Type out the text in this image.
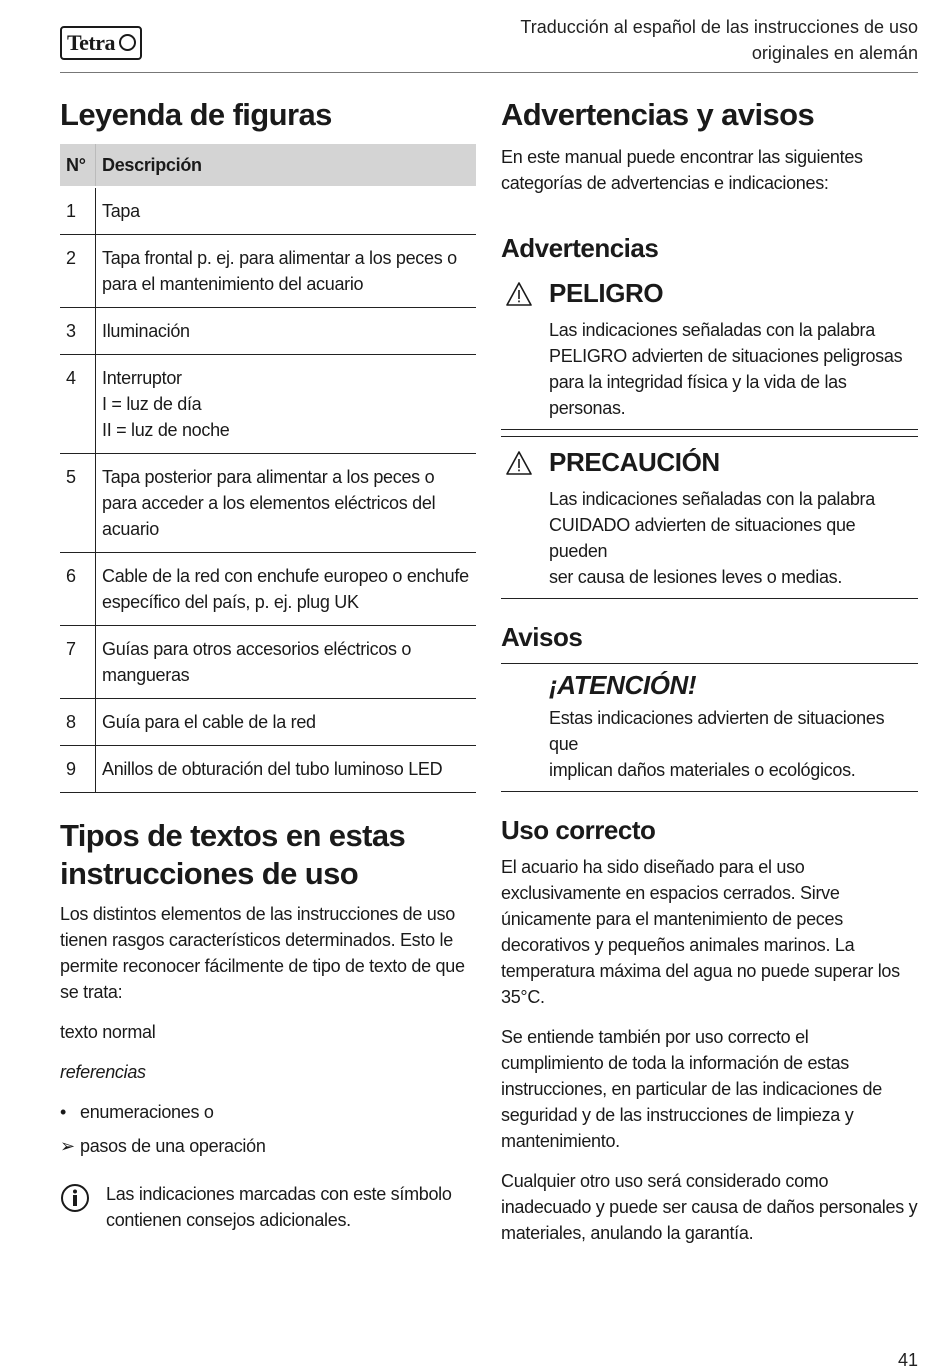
Tetra
Traducción al español de las instrucciones de uso
originales en alemán
Leyenda de figuras
N°	Descripción
1	Tapa

2	Tapa frontal p. ej. para alimentar a los peces o
para el mantenimiento del acuario

3	Iluminación

4	Interruptor
I = luz de día
II = luz de noche

5	Tapa posterior para alimentar a los peces o
para acceder a los elementos eléctricos del
acuario

6	Cable de la red con enchufe europeo o enchufe
específico del país, p. ej. plug UK

7	Guías para otros accesorios eléctricos o
mangueras

8	Guía para el cable de la red

9	Anillos de obturación del tubo luminoso LED
Tipos de textos en estas
instrucciones de uso
Los distintos elementos de las instrucciones de uso
tienen rasgos característicos determinados. Esto le
permite reconocer fácilmente de tipo de texto de que
se trata:
texto normal
referencias
• enumeraciones o
➢ pasos de una operación
Las indicaciones marcadas con este símbolo
contienen consejos adicionales.
Advertencias y avisos
En este manual puede encontrar las siguientes
categorías de advertencias e indicaciones:
Advertencias
PELIGRO
Las indicaciones señaladas con la palabra
PELIGRO advierten de situaciones peligrosas
para la integridad física y la vida de las
personas.
PRECAUCIÓN
Las indicaciones señaladas con la palabra
CUIDADO advierten de situaciones que pueden
ser causa de lesiones leves o medias.
Avisos
¡ATENCIÓN!
Estas indicaciones advierten de situaciones que
implican daños materiales o ecológicos.
Uso correcto
El acuario ha sido diseñado para el uso
exclusivamente en espacios cerrados. Sirve
únicamente para el mantenimiento de peces
decorativos y pequeños animales marinos. La
temperatura máxima del agua no puede superar los
35°C.
Se entiende también por uso correcto el
cumplimiento de toda la información de estas
instrucciones, en particular de las indicaciones de
seguridad y de las instrucciones de limpieza y
mantenimiento.
Cualquier otro uso será considerado como
inadecuado y puede ser causa de daños personales y
materiales, anulando la garantía.
41
